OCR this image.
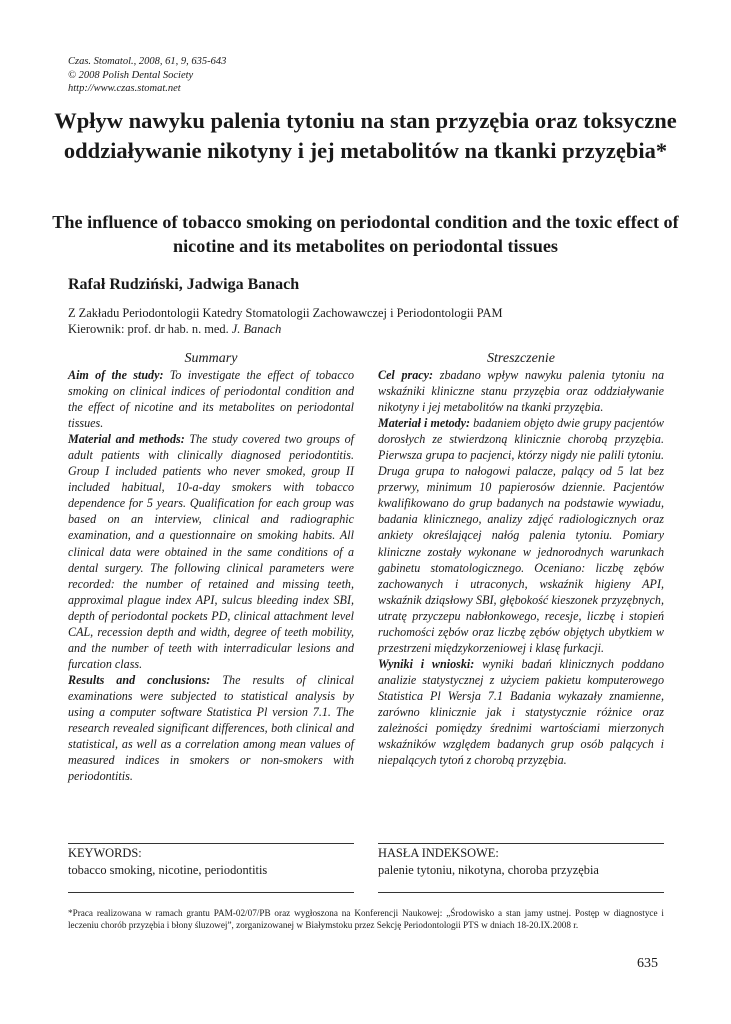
Czas. Stomatol., 2008, 61, 9, 635-643
© 2008 Polish Dental Society
http://www.czas.stomat.net
Wpływ nawyku palenia tytoniu na stan przyzębia oraz toksyczne oddziaływanie nikotyny i jej metabolitów na tkanki przyzębia*
The influence of tobacco smoking on periodontal condition and the toxic effect of nicotine and its metabolites on periodontal tissues
Rafał Rudziński, Jadwiga Banach
Z Zakładu Periodontologii Katedry Stomatologii Zachowawczej i Periodontologii PAM
Kierownik: prof. dr hab. n. med. J. Banach
Summary

Aim of the study: To investigate the effect of tobacco smoking on clinical indices of periodontal condition and the effect of nicotine and its metabolites on periodontal tissues.

Material and methods: The study covered two groups of adult patients with clinically diagnosed periodontitis. Group I included patients who never smoked, group II included habitual, 10-a-day smokers with tobacco dependence for 5 years. Qualification for each group was based on an interview, clinical and radiographic examination, and a questionnaire on smoking habits. All clinical data were obtained in the same conditions of a dental surgery. The following clinical parameters were recorded: the number of retained and missing teeth, approximal plague index API, sulcus bleeding index SBI, depth of periodontal pockets PD, clinical attachment level CAL, recession depth and width, degree of teeth mobility, and the number of teeth with interradicular lesions and furcation class.

Results and conclusions: The results of clinical examinations were subjected to statistical analysis by using a computer software Statistica Pl version 7.1. The research revealed significant differences, both clinical and statistical, as well as a correlation among mean values of measured indices in smokers or non-smokers with periodontitis.

Streszczenie

Cel pracy: zbadano wpływ nawyku palenia tytoniu na wskaźniki kliniczne stanu przyzębia oraz oddziaływanie nikotyny i jej metabolitów na tkanki przyzębia.

Materiał i metody: badaniem objęto dwie grupy pacjentów dorosłych ze stwierdzoną klinicznie chorobą przyzębia. Pierwsza grupa to pacjenci, którzy nigdy nie palili tytoniu. Druga grupa to nałogowi palacze, palący od 5 lat bez przerwy, minimum 10 papierosów dziennie. Pacjentów kwalifikowano do grup badanych na podstawie wywiadu, badania klinicznego, analizy zdjęć radiologicznych oraz ankiety określającej nałóg palenia tytoniu. Pomiary kliniczne zostały wykonane w jednorodnych warunkach gabinetu stomatologicznego. Oceniano: liczbę zębów zachowanych i utraconych, wskaźnik higieny API, wskaźnik dziąsłowy SBI, głębokość kieszonek przyzębnych, utratę przyczepu nabłonkowego, recesje, liczbę i stopień ruchomości zębów oraz liczbę zębów objętych ubytkiem w przestrzeni międzykorzeniowej i klasę furkacji.

Wyniki i wnioski: wyniki badań klinicznych poddano analizie statystycznej z użyciem pakietu komputerowego Statistica Pl Wersja 7.1 Badania wykazały znamienne, zarówno klinicznie jak i statystycznie różnice oraz zależności pomiędzy średnimi wartościami mierzonych wskaźników względem badanych grup osób palących i niepalących tytoń z chorobą przyzębia.

KEYWORDS:
tobacco smoking, nicotine, periodontitis
HASŁA INDEKSOWE:
palenie tytoniu, nikotyna, choroba przyzębia
*Praca realizowana w ramach grantu PAM-02/07/PB oraz wygłoszona na Konferencji Naukowej: „Środowisko a stan jamy ustnej. Postęp w diagnostyce i leczeniu chorób przyzębia i błony śluzowej”, zorganizowanej w Białymstoku przez Sekcję Periodontologii PTS w dniach 18-20.IX.2008 r.
635
